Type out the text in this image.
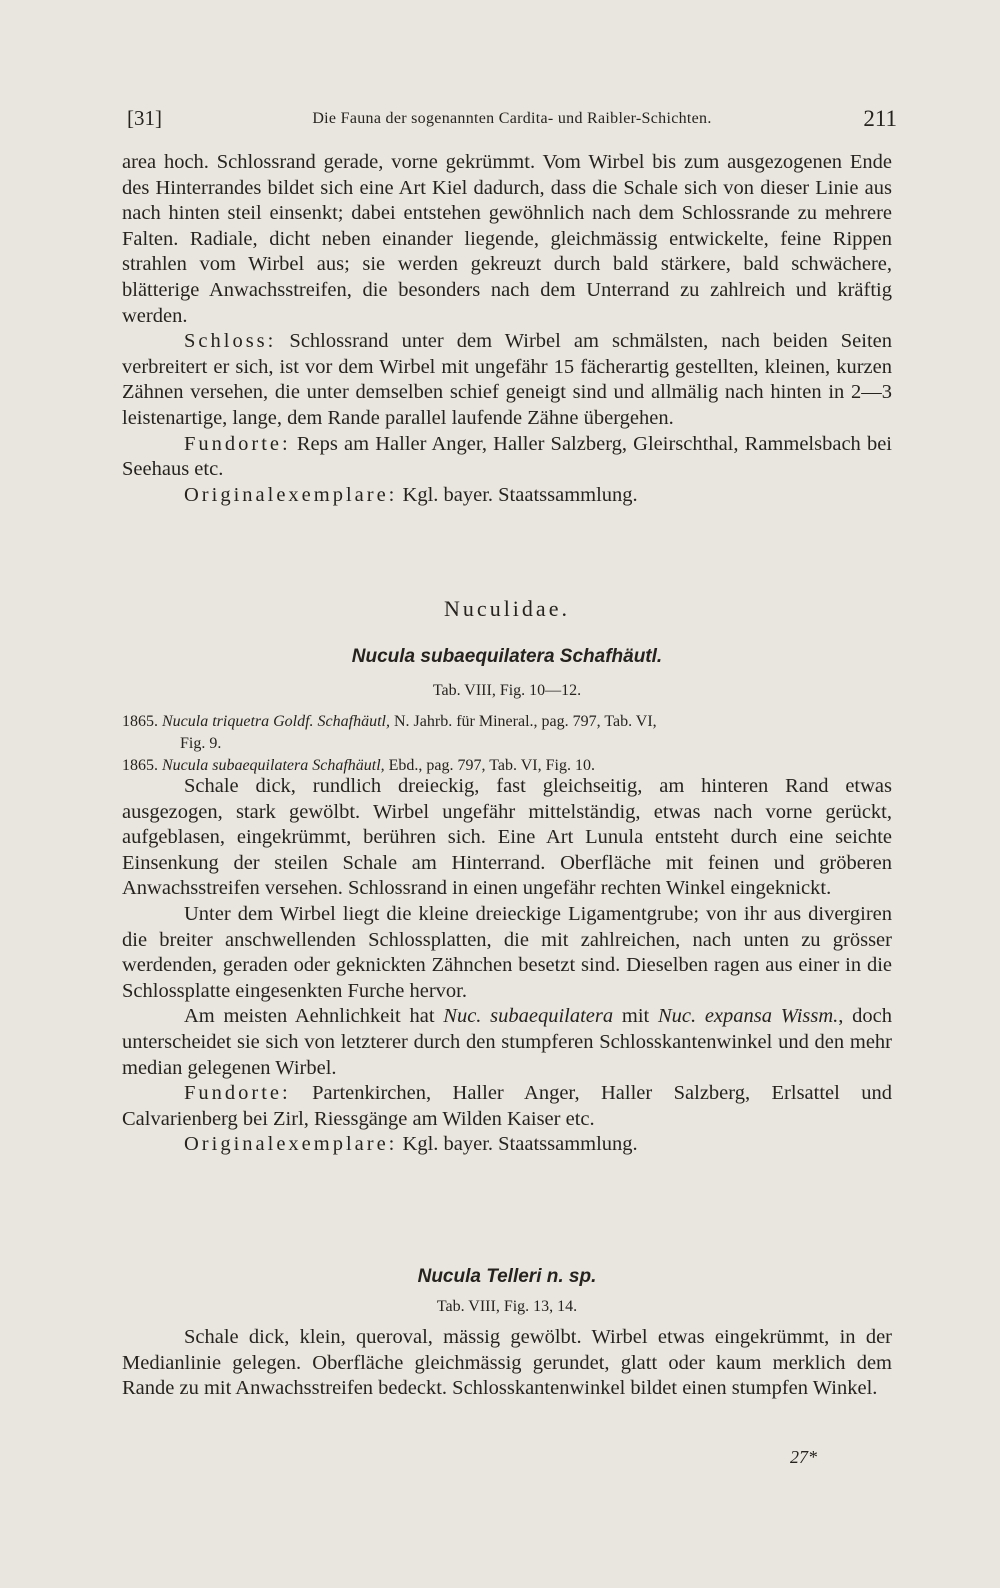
[31]	Die Fauna der sogenannten Cardita- und Raibler-Schichten.	211

area hoch. Schlossrand gerade, vorne gekrümmt. Vom Wirbel bis zum ausgezogenen Ende des Hinterrandes bildet sich eine Art Kiel dadurch, dass die Schale sich von dieser Linie aus nach hinten steil einsenkt; dabei entstehen gewöhnlich nach dem Schlossrande zu mehrere Falten. Radiale, dicht neben einander liegende, gleichmässig entwickelte, feine Rippen strahlen vom Wirbel aus; sie werden gekreuzt durch bald stärkere, bald schwächere, blätterige Anwachsstreifen, die besonders nach dem Unterrand zu zahlreich und kräftig werden.

Schloss: Schlossrand unter dem Wirbel am schmälsten, nach beiden Seiten verbreitert er sich, ist vor dem Wirbel mit ungefähr 15 fächerartig gestellten, kleinen, kurzen Zähnen versehen, die unter demselben schief geneigt sind und allmälig nach hinten in 2—3 leistenartige, lange, dem Rande parallel laufende Zähne übergehen.

Fundorte: Reps am Haller Anger, Haller Salzberg, Gleirschthal, Rammelsbach bei Seehaus etc.

Originalexemplare: Kgl. bayer. Staatssammlung.

Nuculidae.
Nucula subaequilatera Schafhäutl.
Tab. VIII, Fig. 10—12.

1865. Nucula triquetra Goldf. Schafhäutl, N. Jahrb. für Mineral., pag. 797, Tab. VI,

Fig. 9.

1865. Nucula subaequilatera Schafhäutl, Ebd., pag. 797, Tab. VI, Fig. 10.

Schale dick, rundlich dreieckig, fast gleichseitig, am hinteren Rand etwas ausgezogen, stark gewölbt. Wirbel ungefähr mittelständig, etwas nach vorne gerückt, aufgeblasen, eingekrümmt, berühren sich. Eine Art Lunula entsteht durch eine seichte Einsenkung der steilen Schale am Hinterrand. Oberfläche mit feinen und gröberen Anwachsstreifen versehen. Schlossrand in einen ungefähr rechten Winkel eingeknickt.

Unter dem Wirbel liegt die kleine dreieckige Ligamentgrube; von ihr aus divergiren die breiter anschwellenden Schlossplatten, die mit zahlreichen, nach unten zu grösser werdenden, geraden oder geknickten Zähnchen besetzt sind. Dieselben ragen aus einer in die Schlossplatte eingesenkten Furche hervor.

Am meisten Aehnlichkeit hat Nuc. subaequilatera mit Nuc. expansa Wissm., doch unterscheidet sie sich von letzterer durch den stumpferen Schlosskantenwinkel und den mehr median gelegenen Wirbel.

Fundorte: Partenkirchen, Haller Anger, Haller Salzberg, Erlsattel und Calvarienberg bei Zirl, Riessgänge am Wilden Kaiser etc.

Originalexemplare: Kgl. bayer. Staatssammlung.

Nucula Telleri n. sp.
Tab. VIII, Fig. 13, 14.

Schale dick, klein, queroval, mässig gewölbt. Wirbel etwas eingekrümmt, in der Medianlinie gelegen. Oberfläche gleichmässig gerundet, glatt oder kaum merklich dem Rande zu mit Anwachsstreifen bedeckt. Schlosskantenwinkel bildet einen stumpfen Winkel.

27*
